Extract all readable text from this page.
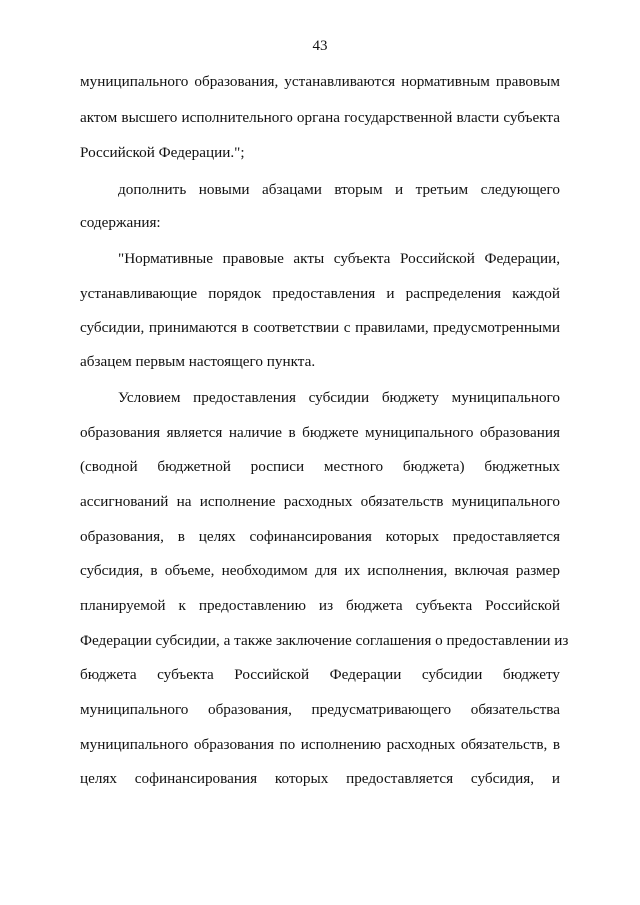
43
муниципального образования, устанавливаются нормативным правовым
актом высшего исполнительного органа государственной власти субъекта
Российской Федерации.";
дополнить новыми абзацами вторым и третьим следующего
содержания:
"Нормативные правовые акты субъекта Российской Федерации,
устанавливающие порядок предоставления и распределения каждой
субсидии, принимаются в соответствии с правилами, предусмотренными
абзацем первым настоящего пункта.
Условием предоставления субсидии бюджету муниципального
образования является наличие в бюджете муниципального образования
(сводной бюджетной росписи местного бюджета) бюджетных
ассигнований на исполнение расходных обязательств муниципального
образования, в целях софинансирования которых предоставляется
субсидия, в объеме, необходимом для их исполнения, включая размер
планируемой к предоставлению из бюджета субъекта Российской
Федерации субсидии, а также заключение соглашения о предоставлении из
бюджета субъекта Российской Федерации субсидии бюджету
муниципального образования, предусматривающего обязательства
муниципального образования по исполнению расходных обязательств, в
целях софинансирования которых предоставляется субсидия, и
